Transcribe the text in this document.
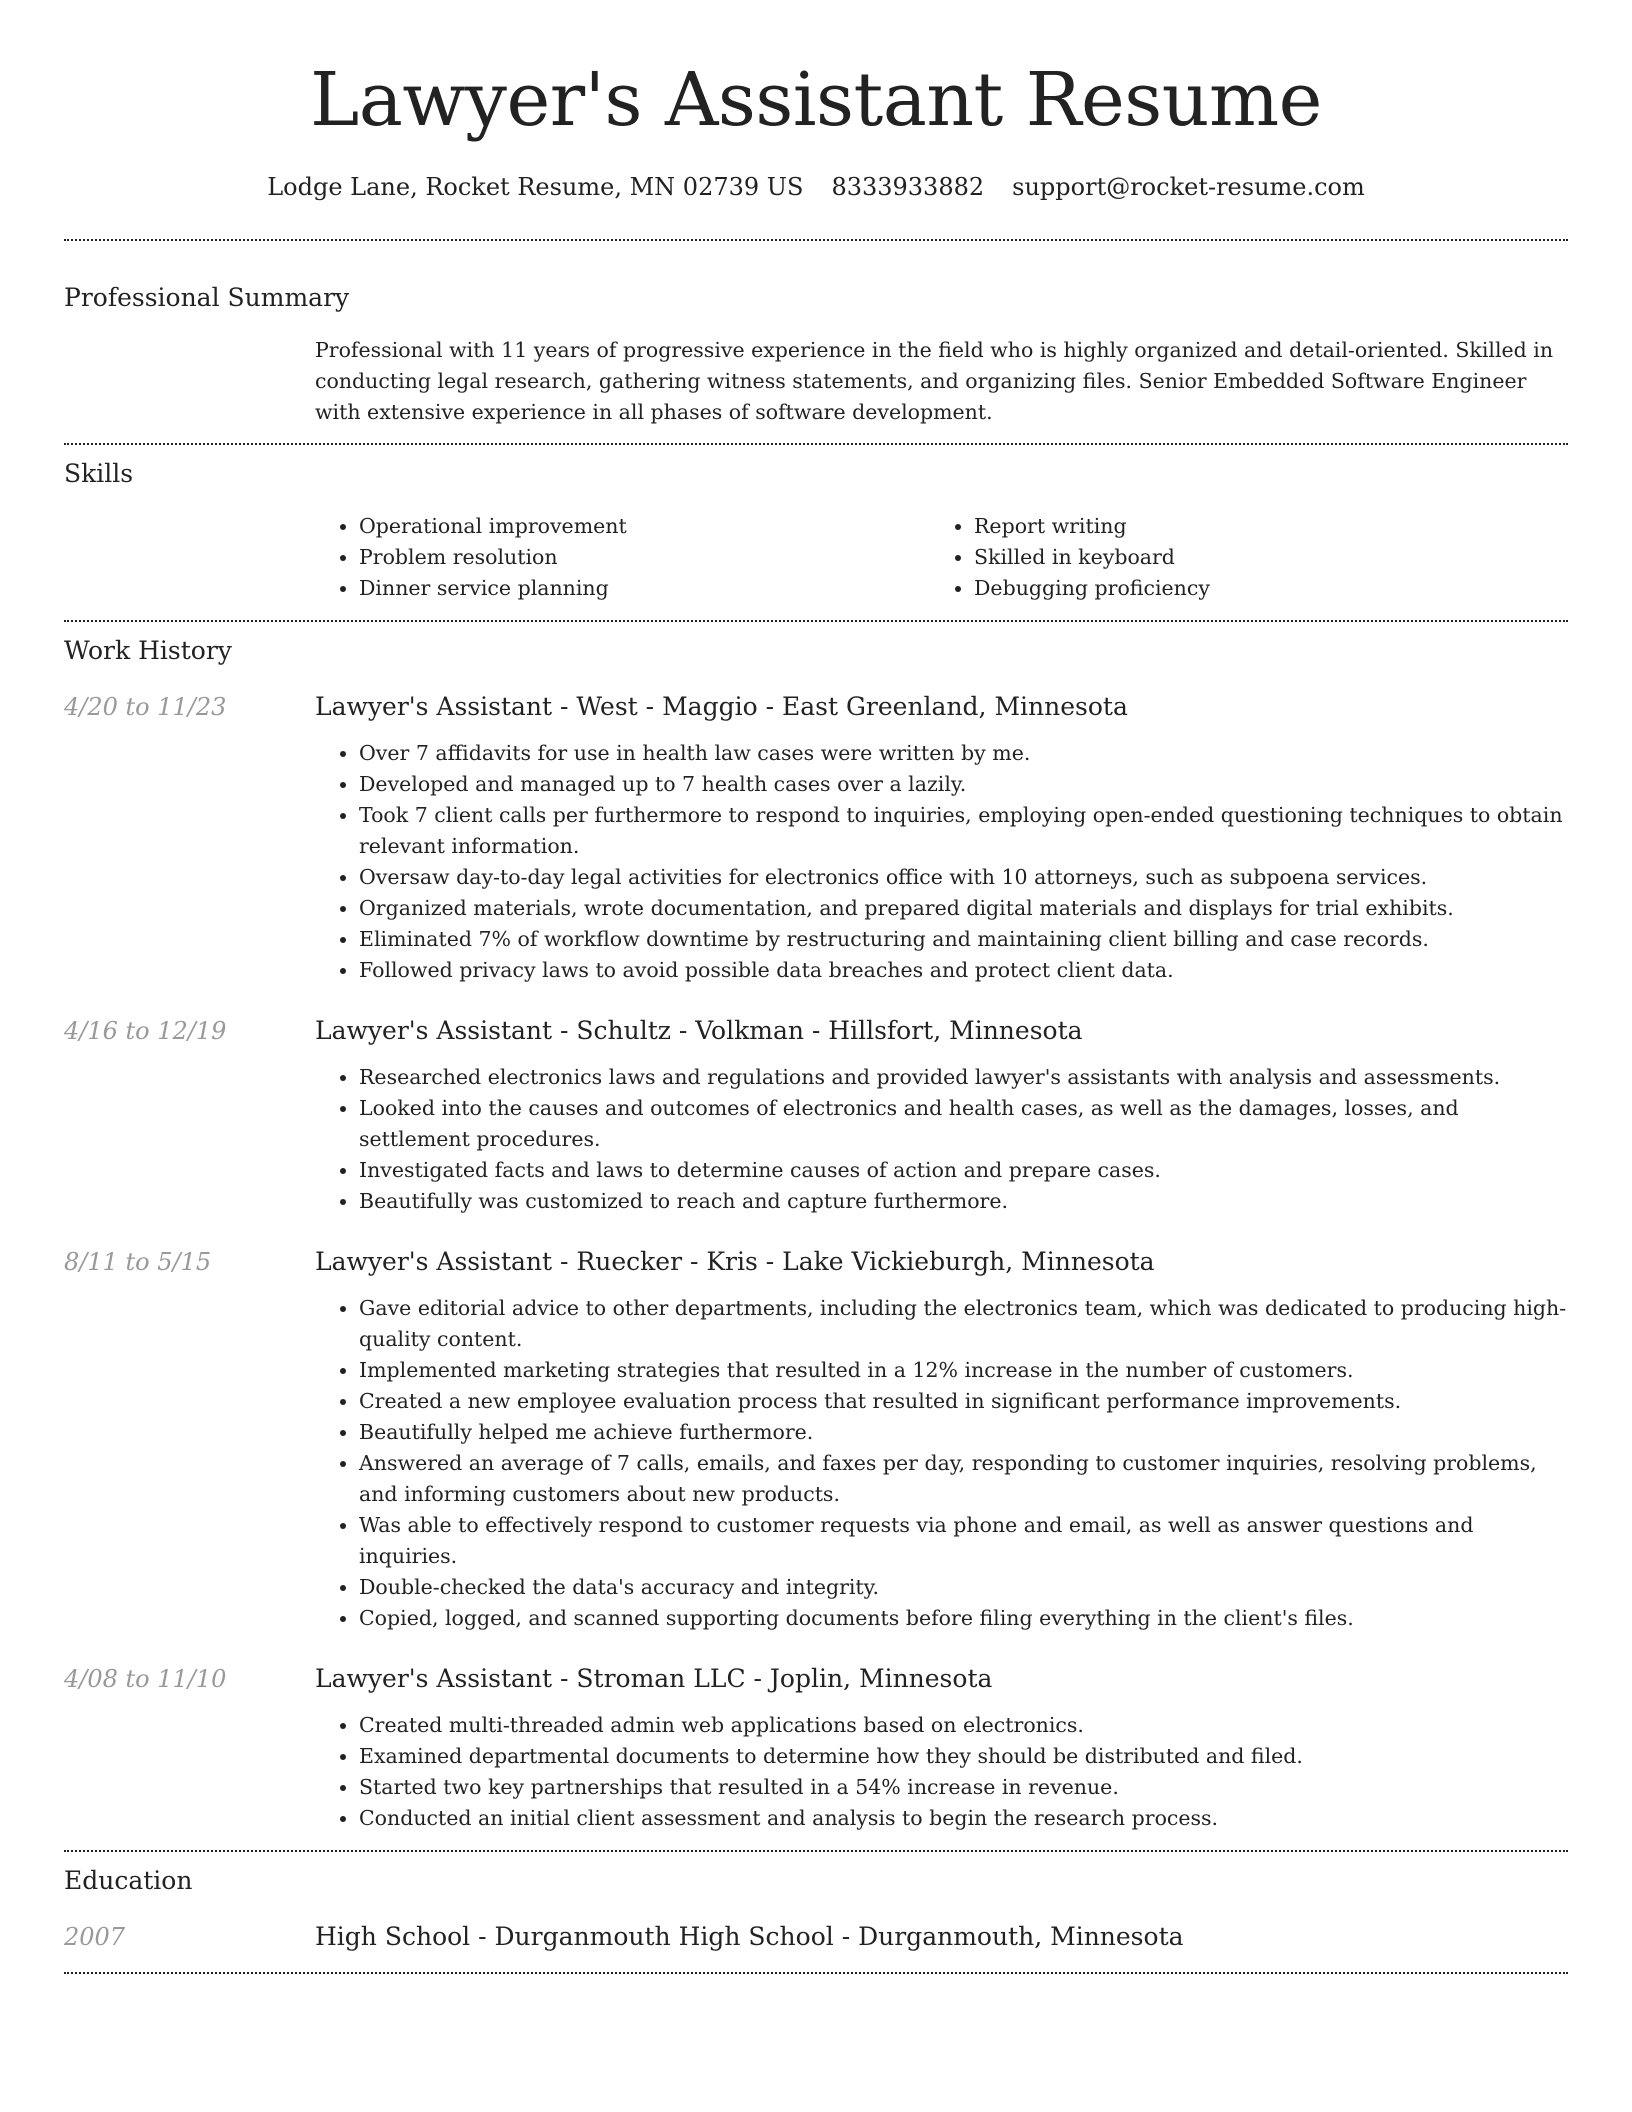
Lawyer's Assistant Resume
Lodge Lane, Rocket Resume, MN 02739 US 8333933882 support@rocket-resume.com
Professional Summary

Professional with 11 years of progressive experience in the field who is highly organized and detail-oriented. Skilled in conducting legal research, gathering witness statements, and organizing files. Senior Embedded Software Engineer with extensive experience in all phases of software development.

Skills
• Operational improvement
• Problem resolution
• Dinner service planning
• Report writing
• Skilled in keyboard
• Debugging proficiency
Work History
4/20 to 11/23	Lawyer's Assistant - West - Maggio - East Greenland, Minnesota
• Over 7 affidavits for use in health law cases were written by me.
• Developed and managed up to 7 health cases over a lazily.
• Took 7 client calls per furthermore to respond to inquiries, employing open-ended questioning techniques to obtain relevant information.
• Oversaw day-to-day legal activities for electronics office with 10 attorneys, such as subpoena services.
• Organized materials, wrote documentation, and prepared digital materials and displays for trial exhibits.
• Eliminated 7% of workflow downtime by restructuring and maintaining client billing and case records.
• Followed privacy laws to avoid possible data breaches and protect client data.
4/16 to 12/19	Lawyer's Assistant - Schultz - Volkman - Hillsfort, Minnesota
• Researched electronics laws and regulations and provided lawyer's assistants with analysis and assessments.
• Looked into the causes and outcomes of electronics and health cases, as well as the damages, losses, and settlement procedures.
• Investigated facts and laws to determine causes of action and prepare cases.
• Beautifully was customized to reach and capture furthermore.
8/11 to 5/15	Lawyer's Assistant - Ruecker - Kris - Lake Vickieburgh, Minnesota
• Gave editorial advice to other departments, including the electronics team, which was dedicated to producing high-quality content.
• Implemented marketing strategies that resulted in a 12% increase in the number of customers.
• Created a new employee evaluation process that resulted in significant performance improvements.
• Beautifully helped me achieve furthermore.
• Answered an average of 7 calls, emails, and faxes per day, responding to customer inquiries, resolving problems, and informing customers about new products.
• Was able to effectively respond to customer requests via phone and email, as well as answer questions and inquiries.
• Double-checked the data's accuracy and integrity.
• Copied, logged, and scanned supporting documents before filing everything in the client's files.
4/08 to 11/10	Lawyer's Assistant - Stroman LLC - Joplin, Minnesota
• Created multi-threaded admin web applications based on electronics.
• Examined departmental documents to determine how they should be distributed and filed.
• Started two key partnerships that resulted in a 54% increase in revenue.
• Conducted an initial client assessment and analysis to begin the research process.
Education
2007	High School - Durganmouth High School - Durganmouth, Minnesota
